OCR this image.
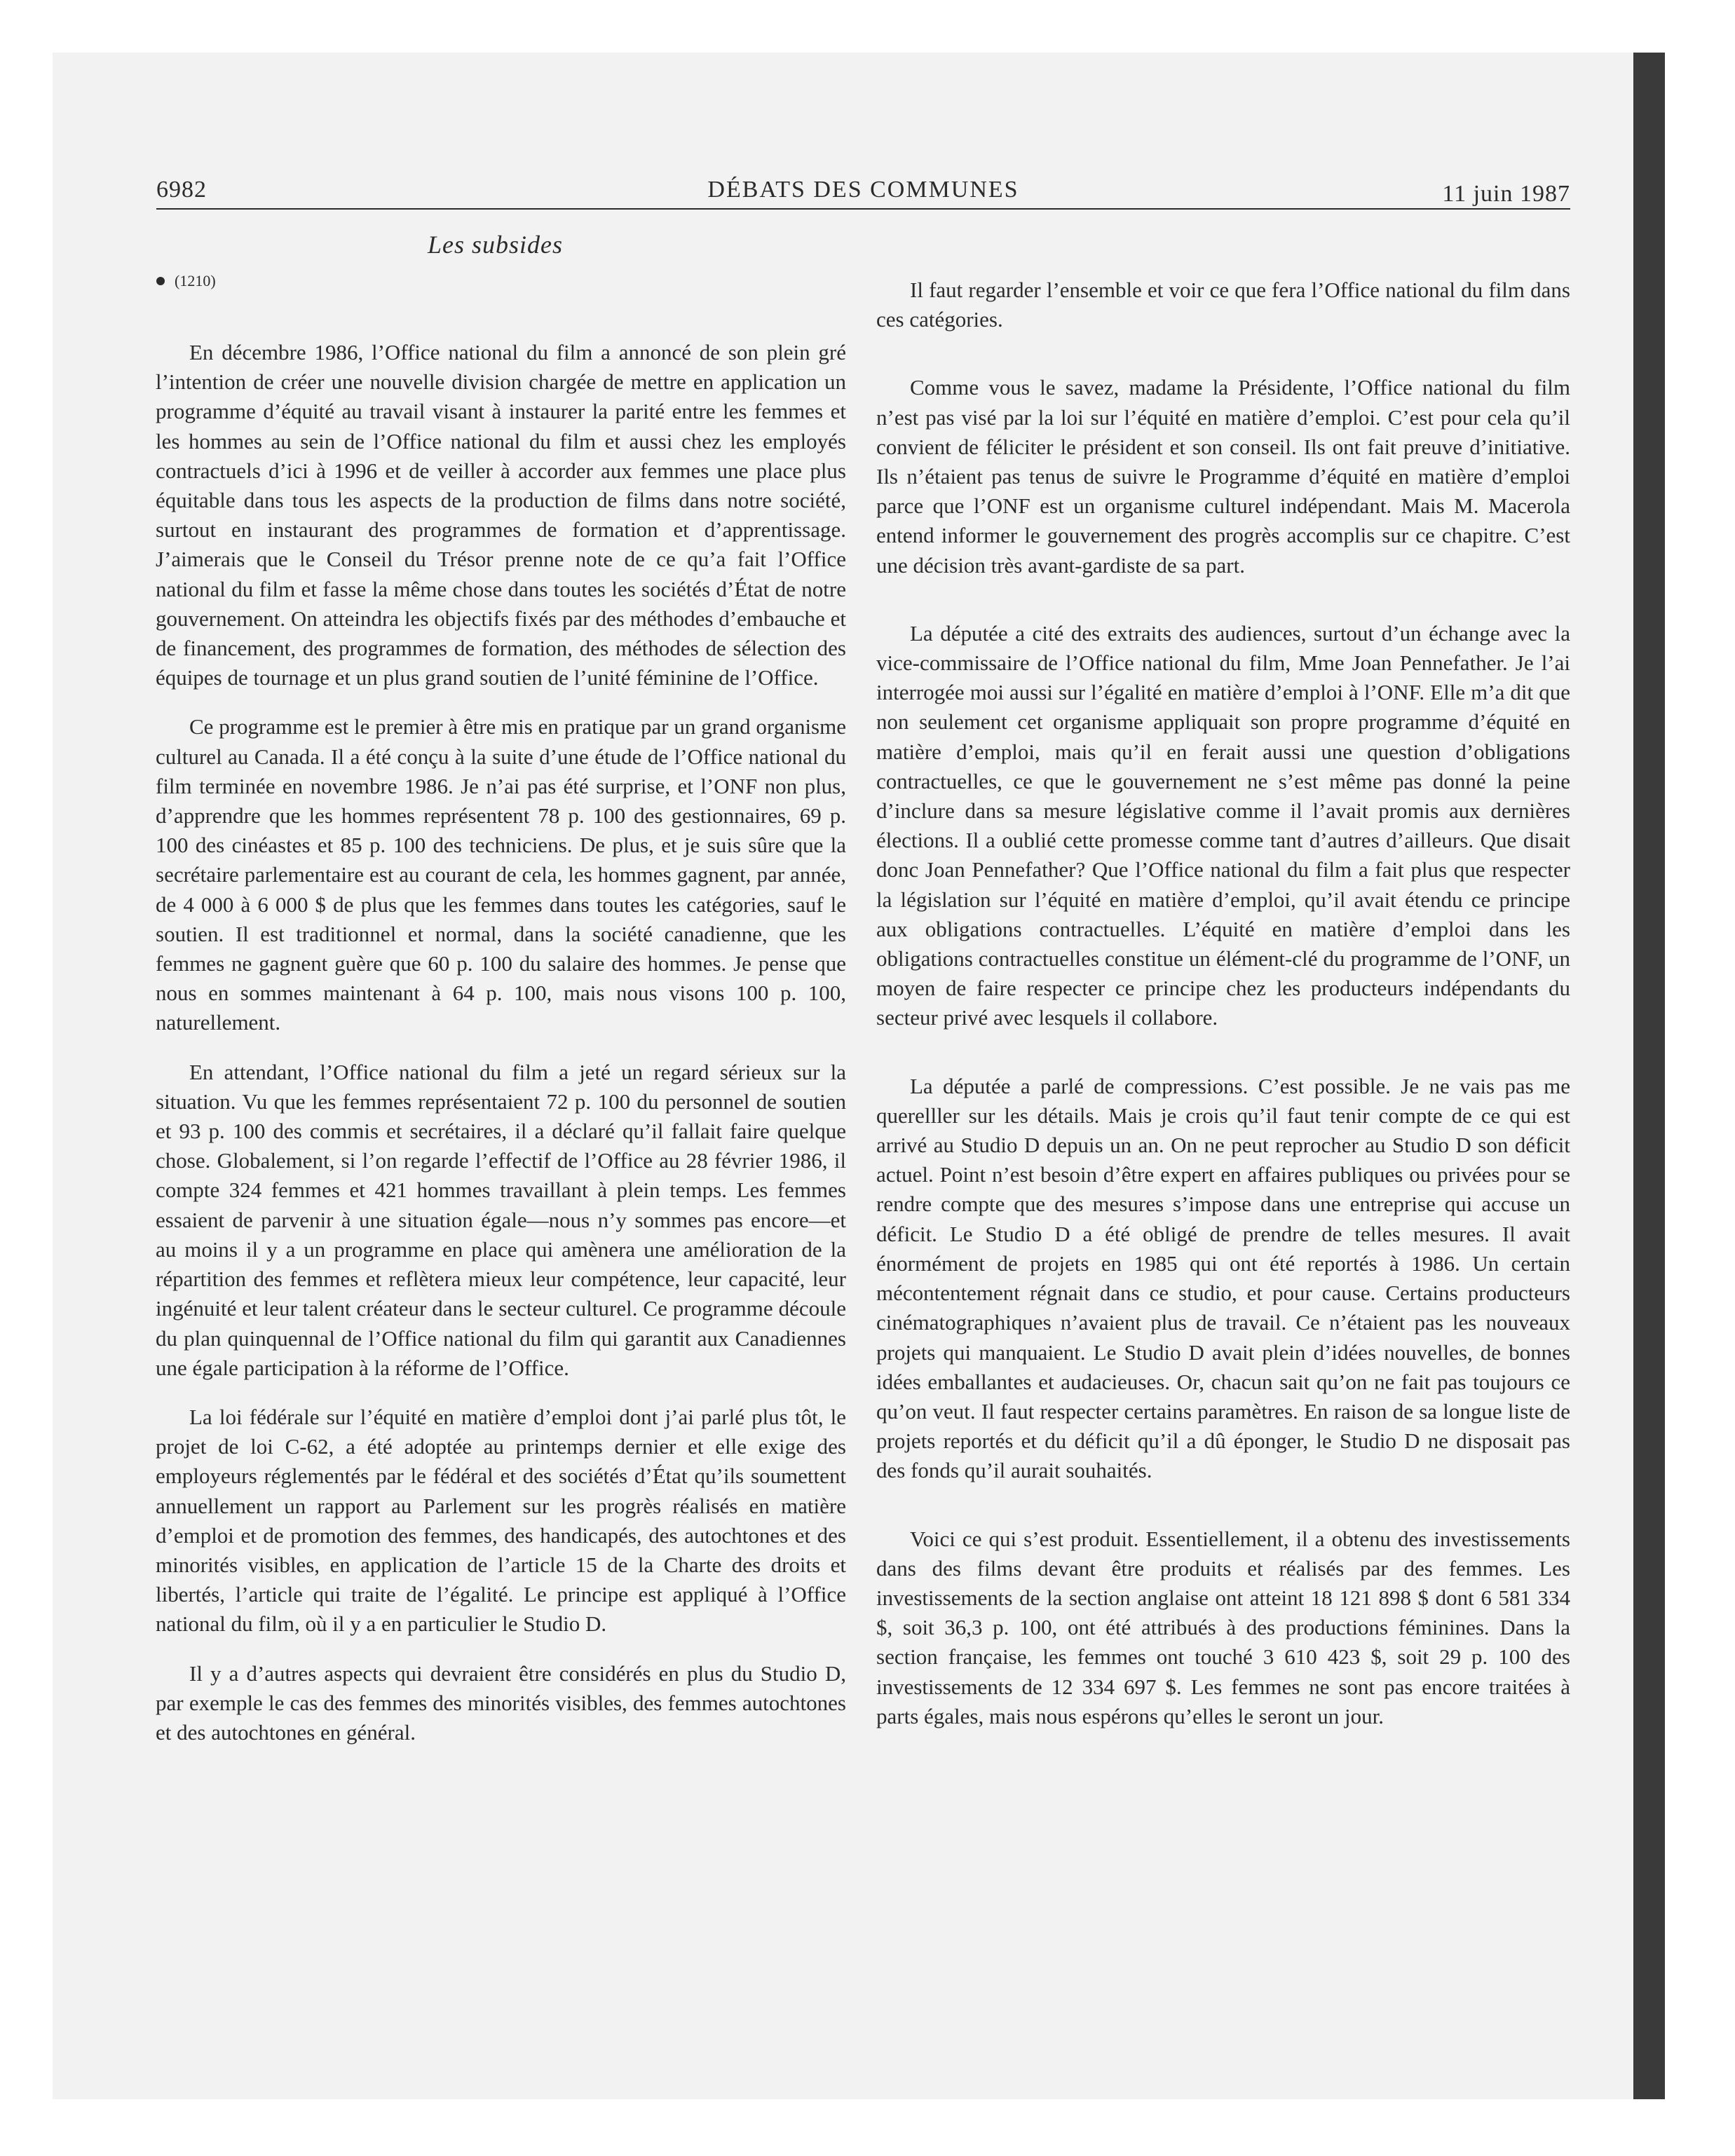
6982	DÉBATS DES COMMUNES	11 juin 1987
Les subsides
(1210)

En décembre 1986, l’Office national du film a annoncé de son plein gré l’intention de créer une nouvelle division chargée de mettre en application un programme d’équité au travail visant à instaurer la parité entre les femmes et les hommes au sein de l’Office national du film et aussi chez les employés contractuels d’ici à 1996 et de veiller à accorder aux femmes une place plus équitable dans tous les aspects de la production de films dans notre société, surtout en instaurant des programmes de formation et d’apprentissage. J’aimerais que le Conseil du Trésor prenne note de ce qu’a fait l’Office national du film et fasse la même chose dans toutes les sociétés d’État de notre gouvernement. On atteindra les objectifs fixés par des méthodes d’embauche et de financement, des programmes de formation, des méthodes de sélection des équipes de tournage et un plus grand soutien de l’unité féminine de l’Office.

Ce programme est le premier à être mis en pratique par un grand organisme culturel au Canada. Il a été conçu à la suite d’une étude de l’Office national du film terminée en novembre 1986. Je n’ai pas été surprise, et l’ONF non plus, d’apprendre que les hommes représentent 78 p. 100 des gestionnaires, 69 p. 100 des cinéastes et 85 p. 100 des techniciens. De plus, et je suis sûre que la secrétaire parlementaire est au courant de cela, les hommes gagnent, par année, de 4 000 à 6 000 $ de plus que les femmes dans toutes les catégories, sauf le soutien. Il est traditionnel et normal, dans la société canadienne, que les femmes ne gagnent guère que 60 p. 100 du salaire des hommes. Je pense que nous en sommes maintenant à 64 p. 100, mais nous visons 100 p. 100, naturellement.

En attendant, l’Office national du film a jeté un regard sérieux sur la situation. Vu que les femmes représentaient 72 p. 100 du personnel de soutien et 93 p. 100 des commis et secrétaires, il a déclaré qu’il fallait faire quelque chose. Globalement, si l’on regarde l’effectif de l’Office au 28 février 1986, il compte 324 femmes et 421 hommes travaillant à plein temps. Les femmes essaient de parvenir à une situation égale—nous n’y sommes pas encore—et au moins il y a un programme en place qui amènera une amélioration de la répartition des femmes et reflètera mieux leur compétence, leur capacité, leur ingénuité et leur talent créateur dans le secteur culturel. Ce programme découle du plan quinquennal de l’Office national du film qui garantit aux Canadiennes une égale participation à la réforme de l’Office.

La loi fédérale sur l’équité en matière d’emploi dont j’ai parlé plus tôt, le projet de loi C-62, a été adoptée au printemps dernier et elle exige des employeurs réglementés par le fédéral et des sociétés d’État qu’ils soumettent annuellement un rapport au Parlement sur les progrès réalisés en matière d’emploi et de promotion des femmes, des handicapés, des autochtones et des minorités visibles, en application de l’article 15 de la Charte des droits et libertés, l’article qui traite de l’égalité. Le principe est appliqué à l’Office national du film, où il y a en particulier le Studio D.

Il y a d’autres aspects qui devraient être considérés en plus du Studio D, par exemple le cas des femmes des minorités visibles, des femmes autochtones et des autochtones en général.

Il faut regarder l’ensemble et voir ce que fera l’Office national du film dans ces catégories.

Comme vous le savez, madame la Présidente, l’Office national du film n’est pas visé par la loi sur l’équité en matière d’emploi. C’est pour cela qu’il convient de féliciter le président et son conseil. Ils ont fait preuve d’initiative. Ils n’étaient pas tenus de suivre le Programme d’équité en matière d’emploi parce que l’ONF est un organisme culturel indépendant. Mais M. Macerola entend informer le gouvernement des progrès accomplis sur ce chapitre. C’est une décision très avant-gardiste de sa part.

La députée a cité des extraits des audiences, surtout d’un échange avec la vice-commissaire de l’Office national du film, Mme Joan Pennefather. Je l’ai interrogée moi aussi sur l’égalité en matière d’emploi à l’ONF. Elle m’a dit que non seulement cet organisme appliquait son propre programme d’équité en matière d’emploi, mais qu’il en ferait aussi une question d’obligations contractuelles, ce que le gouvernement ne s’est même pas donné la peine d’inclure dans sa mesure législative comme il l’avait promis aux dernières élections. Il a oublié cette promesse comme tant d’autres d’ailleurs. Que disait donc Joan Pennefather? Que l’Office national du film a fait plus que respecter la législation sur l’équité en matière d’emploi, qu’il avait étendu ce principe aux obligations contractuelles. L’équité en matière d’emploi dans les obligations contractuelles constitue un élément-clé du programme de l’ONF, un moyen de faire respecter ce principe chez les producteurs indépendants du secteur privé avec lesquels il collabore.

La députée a parlé de compressions. C’est possible. Je ne vais pas me querelller sur les détails. Mais je crois qu’il faut tenir compte de ce qui est arrivé au Studio D depuis un an. On ne peut reprocher au Studio D son déficit actuel. Point n’est besoin d’être expert en affaires publiques ou privées pour se rendre compte que des mesures s’impose dans une entreprise qui accuse un déficit. Le Studio D a été obligé de prendre de telles mesures. Il avait énormément de projets en 1985 qui ont été reportés à 1986. Un certain mécontentement régnait dans ce studio, et pour cause. Certains producteurs cinématographiques n’avaient plus de travail. Ce n’étaient pas les nouveaux projets qui manquaient. Le Studio D avait plein d’idées nouvelles, de bonnes idées emballantes et audacieuses. Or, chacun sait qu’on ne fait pas toujours ce qu’on veut. Il faut respecter certains paramètres. En raison de sa longue liste de projets reportés et du déficit qu’il a dû éponger, le Studio D ne disposait pas des fonds qu’il aurait souhaités.

Voici ce qui s’est produit. Essentiellement, il a obtenu des investissements dans des films devant être produits et réalisés par des femmes. Les investissements de la section anglaise ont atteint 18 121 898 $ dont 6 581 334 $, soit 36,3 p. 100, ont été attribués à des productions féminines. Dans la section française, les femmes ont touché 3 610 423 $, soit 29 p. 100 des investissements de 12 334 697 $. Les femmes ne sont pas encore traitées à parts égales, mais nous espérons qu’elles le seront un jour.
